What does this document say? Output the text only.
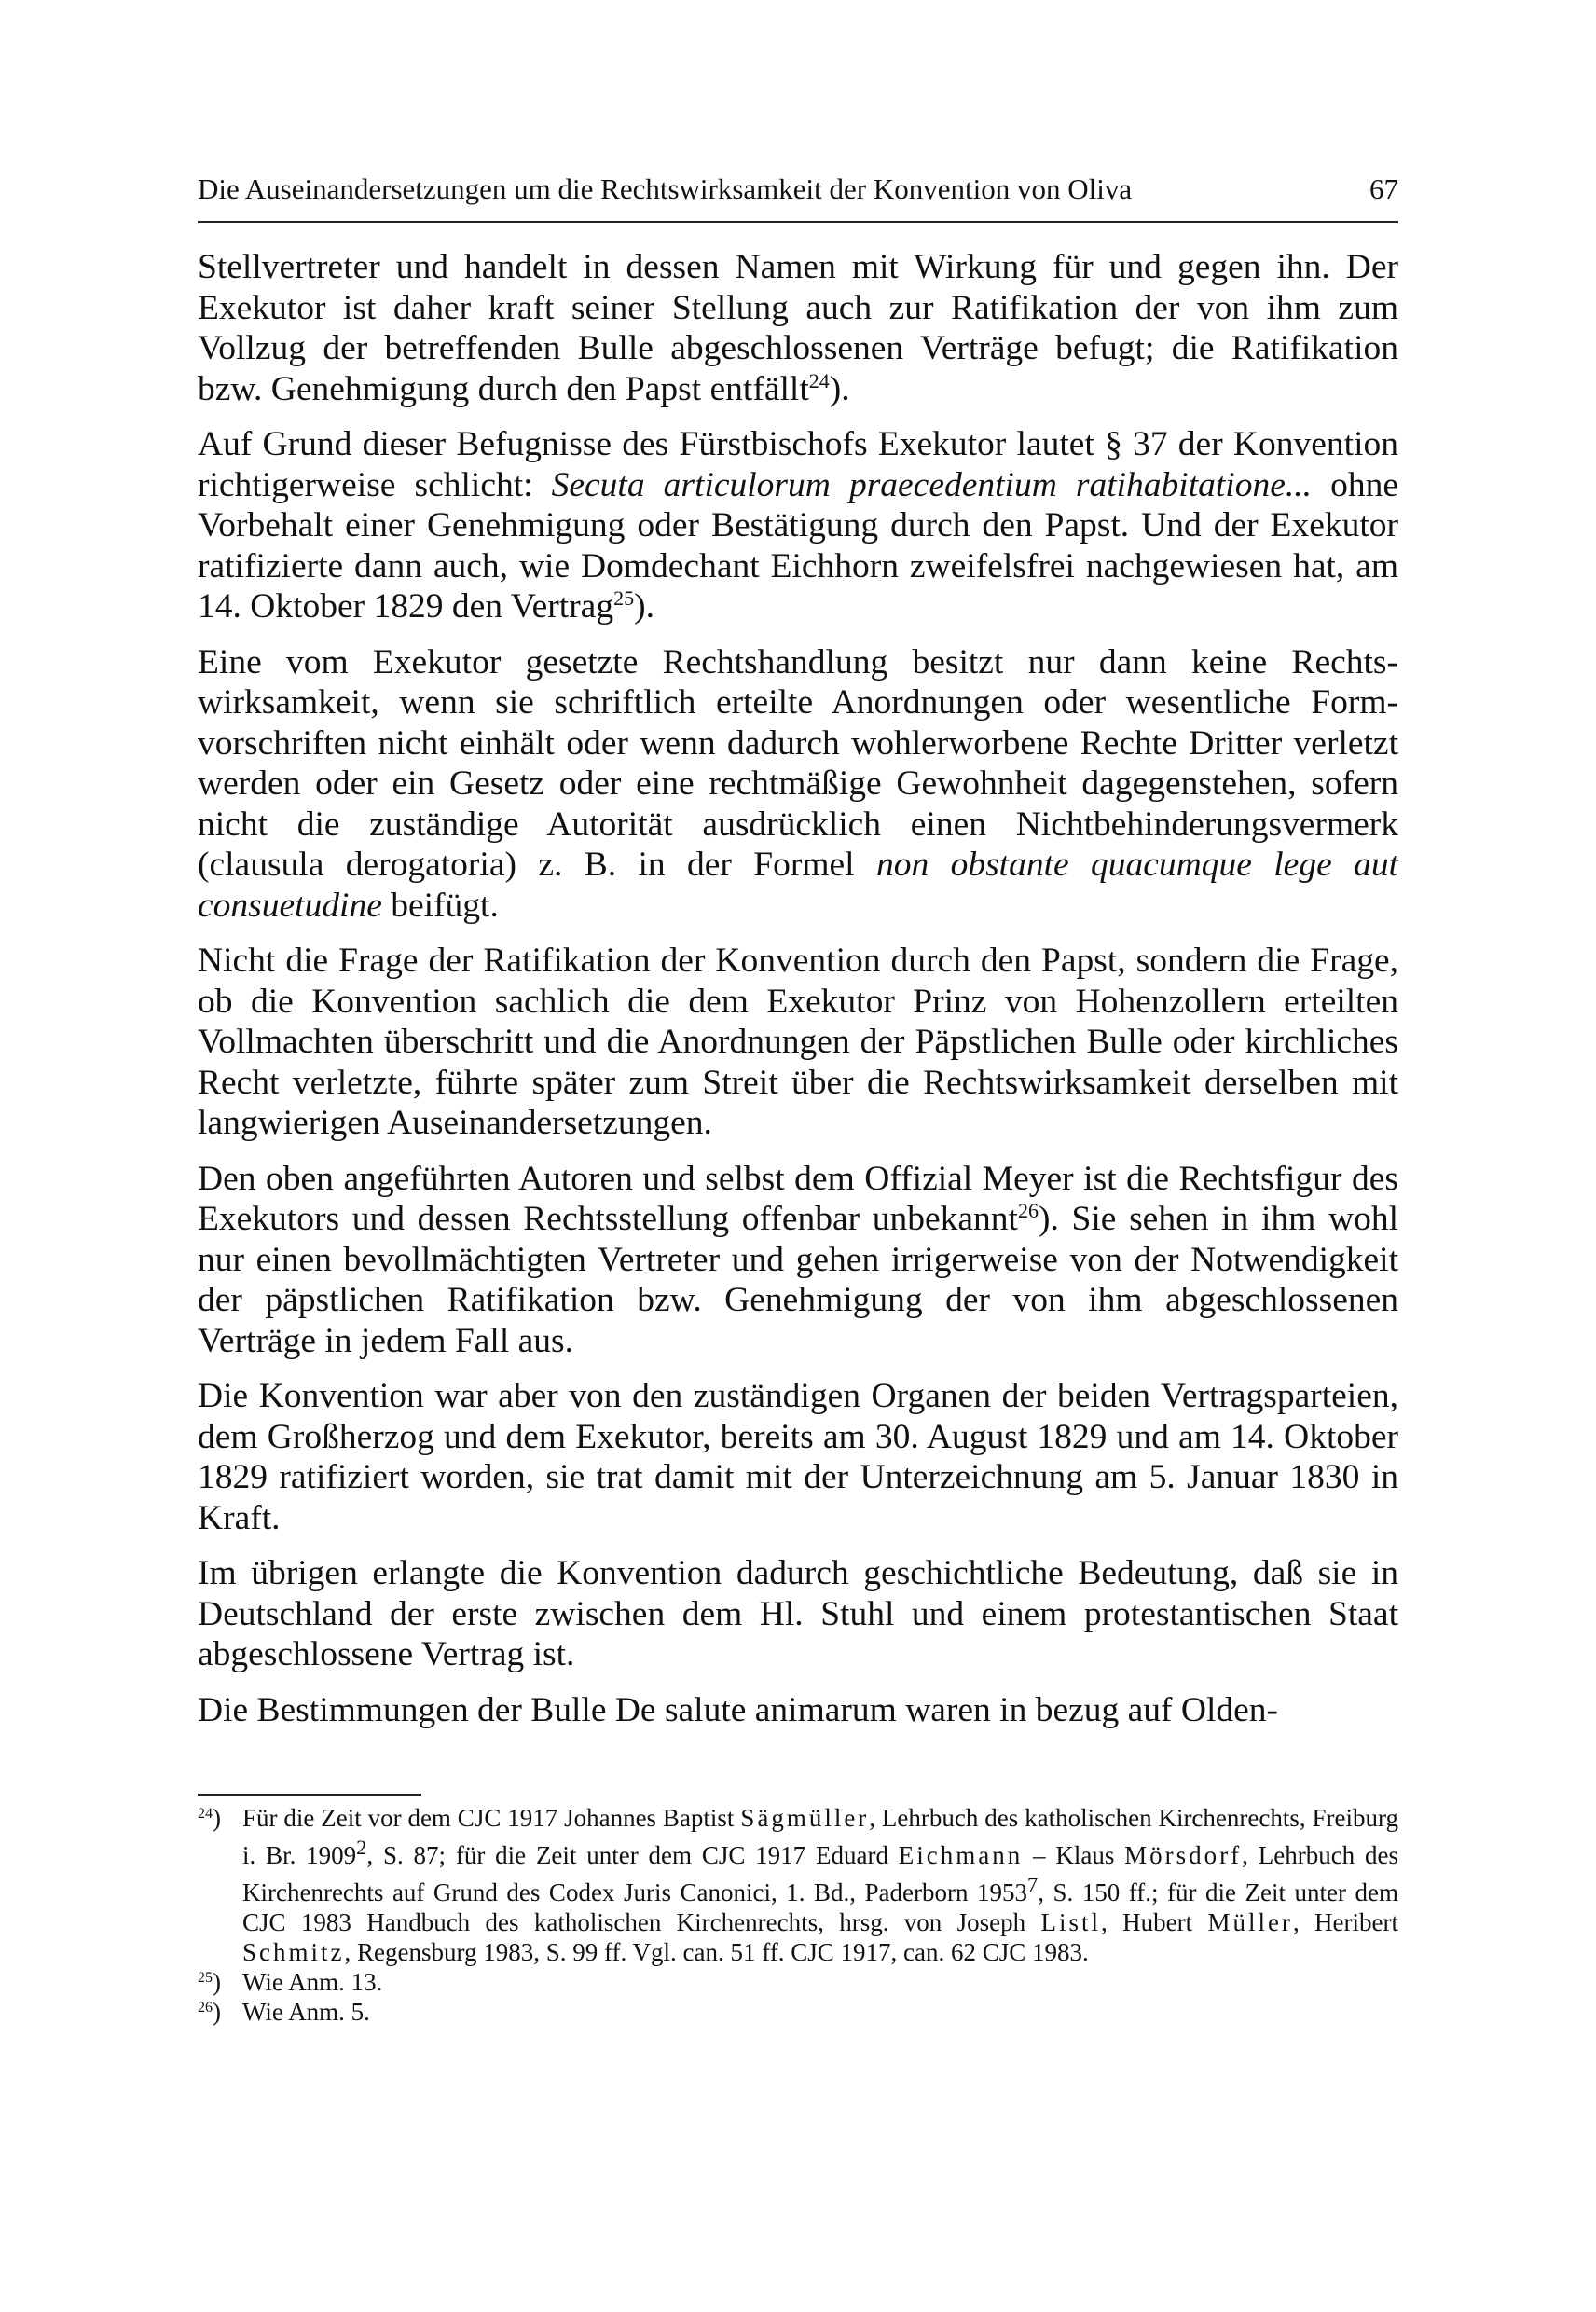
Die Auseinandersetzungen um die Rechtswirksamkeit der Konvention von Oliva	67

Stellvertreter und handelt in dessen Namen mit Wirkung für und gegen ihn. Der Exekutor ist daher kraft seiner Stellung auch zur Ratifikation der von ihm zum Vollzug der betreffenden Bulle abgeschlossenen Verträge befugt; die Ratifikation bzw. Genehmigung durch den Papst entfällt$^{24}$).

Auf Grund dieser Befugnisse des Fürstbischofs Exekutor lautet § 37 der Konvention richtigerweise schlicht: Secuta articulorum praecedentium ratihabitatione... ohne Vorbehalt einer Genehmigung oder Bestätigung durch den Papst. Und der Exekutor ratifizierte dann auch, wie Domdechant Eichhorn zweifelsfrei nachgewiesen hat, am 14. Oktober 1829 den Vertrag$^{25}$).

Eine vom Exekutor gesetzte Rechtshandlung besitzt nur dann keine Rechtswirksamkeit, wenn sie schriftlich erteilte Anordnungen oder wesentliche Formvorschriften nicht einhält oder wenn dadurch wohlerworbene Rechte Dritter verletzt werden oder ein Gesetz oder eine rechtmäßige Gewohnheit dagegenstehen, sofern nicht die zuständige Autorität ausdrücklich einen Nichtbehinderungsvermerk (clausula derogatoria) z. B. in der Formel non obstante quacumque lege aut consuetudine beifügt.

Nicht die Frage der Ratifikation der Konvention durch den Papst, sondern die Frage, ob die Konvention sachlich die dem Exekutor Prinz von Hohenzollern erteilten Vollmachten überschritt und die Anordnungen der Päpstlichen Bulle oder kirchliches Recht verletzte, führte später zum Streit über die Rechtswirksamkeit derselben mit langwierigen Auseinandersetzungen.

Den oben angeführten Autoren und selbst dem Offizial Meyer ist die Rechtsfigur des Exekutors und dessen Rechtsstellung offenbar unbekannt$^{26}$). Sie sehen in ihm wohl nur einen bevollmächtigten Vertreter und gehen irrigerweise von der Notwendigkeit der päpstlichen Ratifikation bzw. Genehmigung der von ihm abgeschlossenen Verträge in jedem Fall aus.

Die Konvention war aber von den zuständigen Organen der beiden Vertragsparteien, dem Großherzog und dem Exekutor, bereits am 30. August 1829 und am 14. Oktober 1829 ratifiziert worden, sie trat damit mit der Unterzeichnung am 5. Januar 1830 in Kraft.

Im übrigen erlangte die Konvention dadurch geschichtliche Bedeutung, daß sie in Deutschland der erste zwischen dem Hl. Stuhl und einem protestantischen Staat abgeschlossene Vertrag ist.

Die Bestimmungen der Bulle De salute animarum waren in bezug auf Olden-

$^{24}$) Für die Zeit vor dem CJC 1917 Johannes Baptist Sägmüller, Lehrbuch des katholischen Kirchenrechts, Freiburg i. Br. 1909$^2$, S. 87; für die Zeit unter dem CJC 1917 Eduard Eichmann – Klaus Mörsdorf, Lehrbuch des Kirchenrechts auf Grund des Codex Juris Canonici, 1. Bd., Paderborn 1953$^7$, S. 150 ff.; für die Zeit unter dem CJC 1983 Handbuch des katholischen Kirchenrechts, hrsg. von Joseph Listl, Hubert Müller, Heribert Schmitz, Regensburg 1983, S. 99 ff. Vgl. can. 51 ff. CJC 1917, can. 62 CJC 1983.
$^{25}$) Wie Anm. 13.
$^{26}$) Wie Anm. 5.
